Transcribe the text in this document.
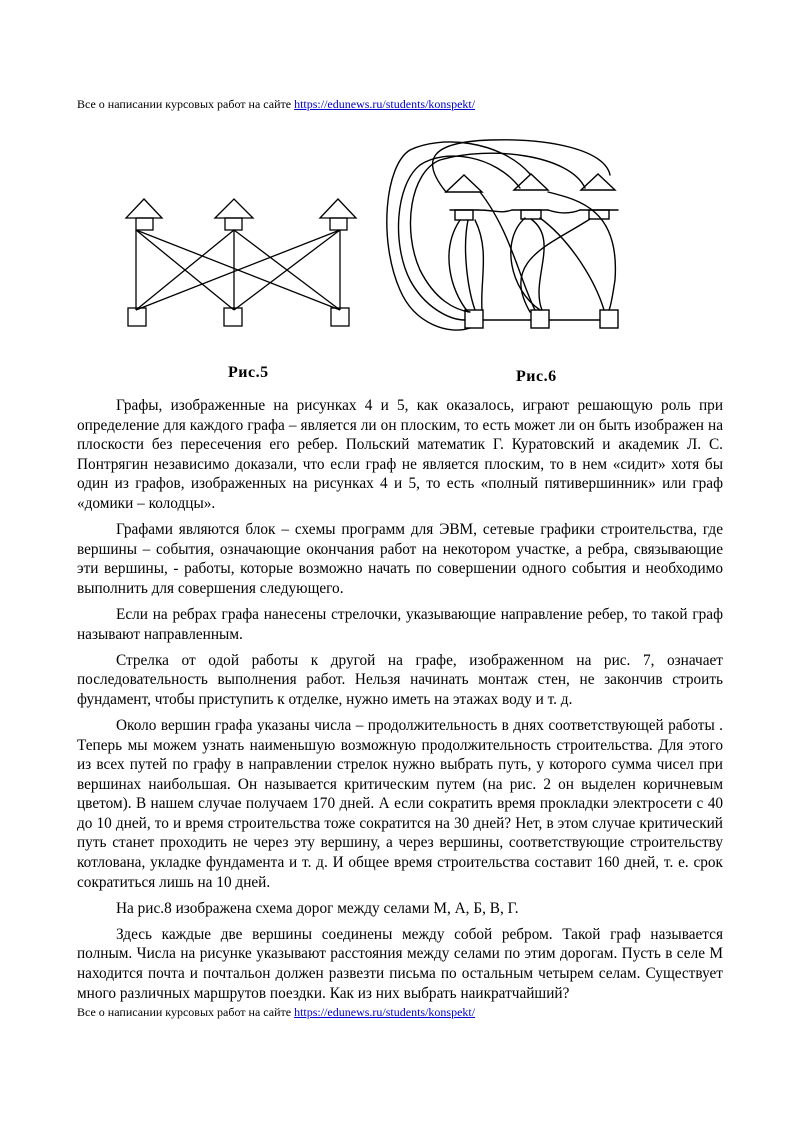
Все о написании курсовых работ на сайте https://edunews.ru/students/konspekt/
Рис.5	Рис.6

Графы, изображенные на рисунках 4 и 5, как оказалось, играют решающую роль при определение для каждого графа – является ли он плоским, то есть может ли он быть изображен на плоскости без пересечения его ребер. Польский математик Г. Куратовский и академик Л. С. Понтрягин независимо доказали, что если граф не является плоским, то в нем «сидит» хотя бы один из графов, изображенных на рисунках 4 и 5, то есть «полный пятивершинник» или граф «домики – колодцы».

Графами являются блок – схемы программ для ЭВМ, сетевые графики строительства, где вершины – события, означающие окончания работ на некотором участке, а ребра, связывающие эти вершины, - работы, которые возможно начать по совершении одного события и необходимо выполнить для совершения следующего.

Если на ребрах графа нанесены стрелочки, указывающие направление ребер, то такой граф называют направленным.

Стрелка от одой работы к другой на графе, изображенном на рис. 7, означает последовательность выполнения работ. Нельзя начинать монтаж стен, не закончив строить фундамент, чтобы приступить к отделке, нужно иметь на этажах воду и т. д.

Около вершин графа указаны числа – продолжительность в днях соответствующей работы . Теперь мы можем узнать наименьшую возможную продолжительность строительства. Для этого из всех путей по графу в направлении стрелок нужно выбрать путь, у которого сумма чисел при вершинах наибольшая. Он называется критическим путем (на рис. 2 он выделен коричневым цветом). В нашем случае получаем 170 дней. А если сократить время прокладки электросети с 40 до 10 дней, то и время строительства тоже сократится на 30 дней? Нет, в этом случае критический путь станет проходить не через эту вершину, а через вершины, соответствующие строительству котлована, укладке фундамента и т. д. И общее время строительства составит 160 дней, т. е. срок сократиться лишь на 10 дней.

На рис.8 изображена схема дорог между селами М, А, Б, В, Г.

Здесь каждые две вершины соединены между собой ребром. Такой граф называется полным. Числа на рисунке указывают расстояния между селами по этим дорогам. Пусть в селе М находится почта и почтальон должен развезти письма по остальным четырем селам. Существует много различных маршрутов поездки. Как из них выбрать наикратчайший?

Все о написании курсовых работ на сайте https://edunews.ru/students/konspekt/
